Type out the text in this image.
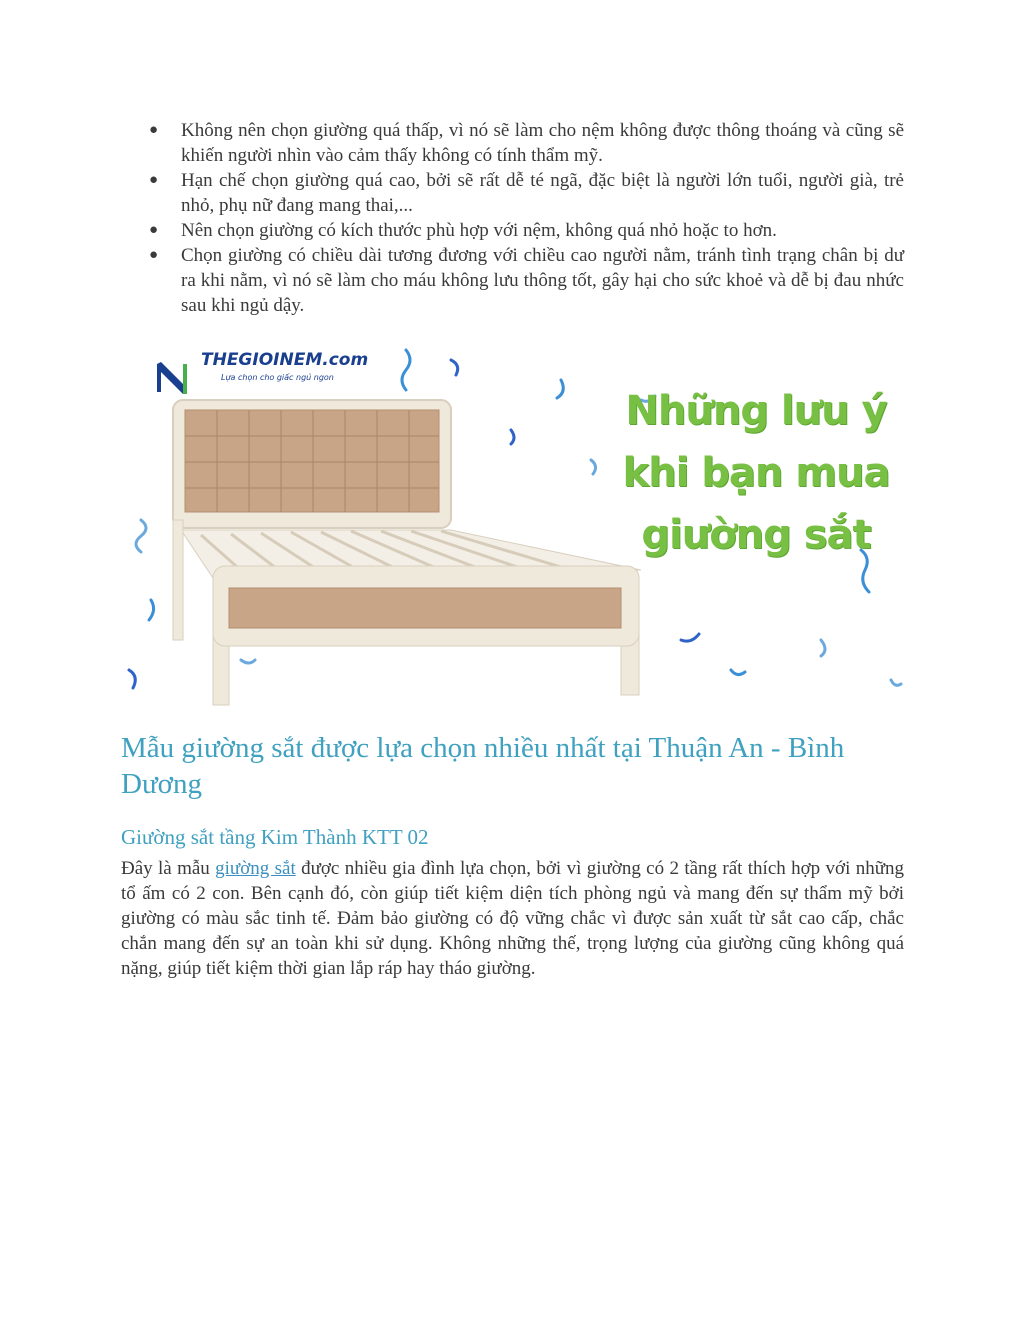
● Không nên chọn giường quá thấp, vì nó sẽ làm cho nệm không được thông thoáng và cũng sẽ khiến người nhìn vào cảm thấy không có tính thẩm mỹ.
● Hạn chế chọn giường quá cao, bởi sẽ rất dễ té ngã, đặc biệt là người lớn tuổi, người già, trẻ nhỏ, phụ nữ đang mang thai,...
● Nên chọn giường có kích thước phù hợp với nệm, không quá nhỏ hoặc to hơn.
● Chọn giường có chiều dài tương đương với chiều cao người nằm, tránh tình trạng chân bị dư ra khi nằm, vì nó sẽ làm cho máu không lưu thông tốt, gây hại cho sức khoẻ và dễ bị đau nhức sau khi ngủ dậy.
THEGIOINEM.com
Lựa chọn cho giấc ngủ ngon
Những lưu ý khi bạn mua giường sắt
Mẫu giường sắt được lựa chọn nhiều nhất tại Thuận An - Bình Dương
Giường sắt tầng Kim Thành KTT 02

Đây là mẫu giường sắt được nhiều gia đình lựa chọn, bởi vì giường có 2 tầng rất thích hợp với những tổ ấm có 2 con. Bên cạnh đó, còn giúp tiết kiệm diện tích phòng ngủ và mang đến sự thẩm mỹ bởi giường có màu sắc tinh tế. Đảm bảo giường có độ vững chắc vì được sản xuất từ sắt cao cấp, chắc chắn mang đến sự an toàn khi sử dụng. Không những thế, trọng lượng của giường cũng không quá nặng, giúp tiết kiệm thời gian lắp ráp hay tháo giường.
